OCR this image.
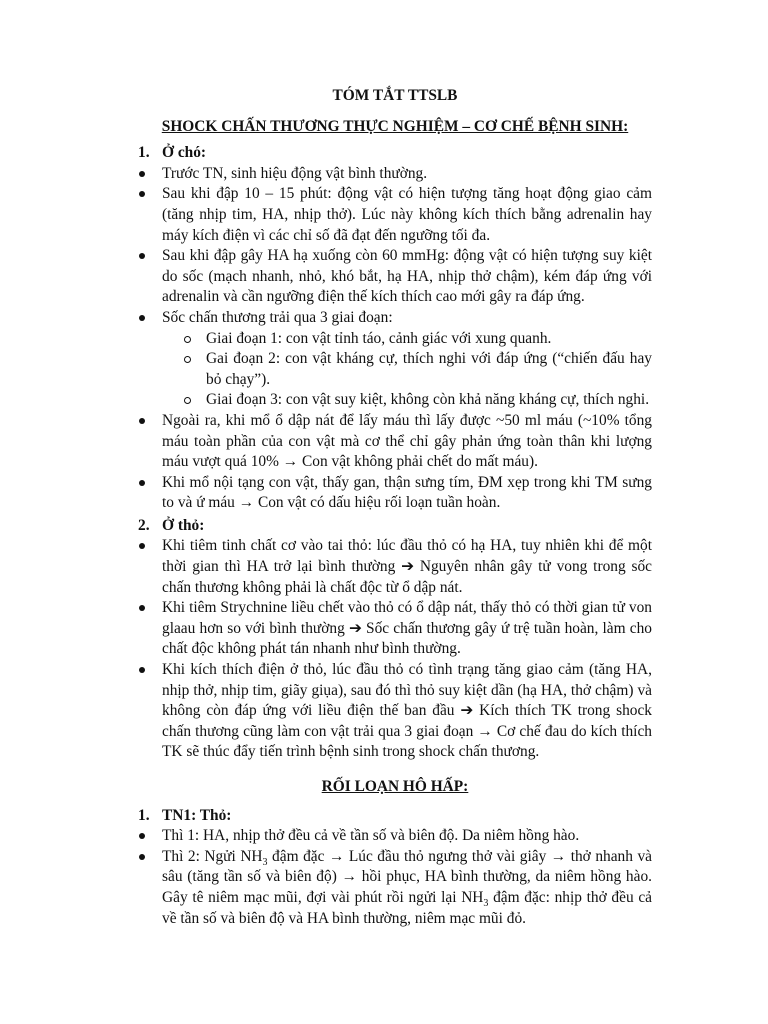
TÓM TẮT TTSLB
SHOCK CHẤN THƯƠNG THỰC NGHIỆM – CƠ CHẾ BỆNH SINH:
1. Ở chó:
Trước TN, sinh hiệu động vật bình thường.
Sau khi đập 10 – 15 phút: động vật có hiện tượng tăng hoạt động giao cảm (tăng nhịp tim, HA, nhịp thở). Lúc này không kích thích bằng adrenalin hay máy kích điện vì các chỉ số đã đạt đến ngưỡng tối đa.
Sau khi đập gây HA hạ xuống còn 60 mmHg: động vật có hiện tượng suy kiệt do sốc (mạch nhanh, nhỏ, khó bắt, hạ HA, nhịp thở chậm), kém đáp ứng với adrenalin và cần ngưỡng điện thế kích thích cao mới gây ra đáp ứng.
Sốc chấn thương trải qua 3 giai đoạn:
Giai đoạn 1: con vật tỉnh táo, cảnh giác với xung quanh.
Gai đoạn 2: con vật kháng cự, thích nghi với đáp ứng (“chiến đấu hay bỏ chạy”).
Giai đoạn 3: con vật suy kiệt, không còn khả năng kháng cự, thích nghi.
Ngoài ra, khi mổ ổ dập nát để lấy máu thì lấy được ~50 ml máu (~10% tổng máu toàn phần của con vật mà cơ thể chỉ gây phản ứng toàn thân khi lượng máu vượt quá 10% → Con vật không phải chết do mất máu).
Khi mổ nội tạng con vật, thấy gan, thận sưng tím, ĐM xẹp trong khi TM sưng to và ứ máu → Con vật có dấu hiệu rối loạn tuần hoàn.
2. Ở thỏ:
Khi tiêm tinh chất cơ vào tai thỏ: lúc đầu thỏ có hạ HA, tuy nhiên khi để một thời gian thì HA trở lại bình thường ➔ Nguyên nhân gây tử vong trong sốc chấn thương không phải là chất độc từ ổ dập nát.
Khi tiêm Strychnine liều chết vào thỏ có ổ dập nát, thấy thỏ có thời gian tử von glaau hơn so với bình thường ➔ Sốc chấn thương gây ứ trệ tuần hoàn, làm cho chất độc không phát tán nhanh như bình thường.
Khi kích thích điện ở thỏ, lúc đầu thỏ có tình trạng tăng giao cảm (tăng HA, nhịp thở, nhịp tim, giãy giụa), sau đó thì thỏ suy kiệt dần (hạ HA, thở chậm) và không còn đáp ứng với liều điện thế ban đầu ➔ Kích thích TK trong shock chấn thương cũng làm con vật trải qua 3 giai đoạn → Cơ chế đau do kích thích TK sẽ thúc đẩy tiến trình bệnh sinh trong shock chấn thương.
RỐI LOẠN HÔ HẤP:
1. TN1: Thỏ:
Thì 1: HA, nhịp thở đều cả về tần số và biên độ. Da niêm hồng hào.
Thì 2: Ngửi $NH_3$ đậm đặc → Lúc đầu thỏ ngưng thở vài giây → thở nhanh và sâu (tăng tần số và biên độ) → hồi phục, HA bình thường, da niêm hồng hào. Gây tê niêm mạc mũi, đợi vài phút rồi ngửi lại $NH_3$ đậm đặc: nhịp thở đều cả về tần số và biên độ và HA bình thường, niêm mạc mũi đỏ.
